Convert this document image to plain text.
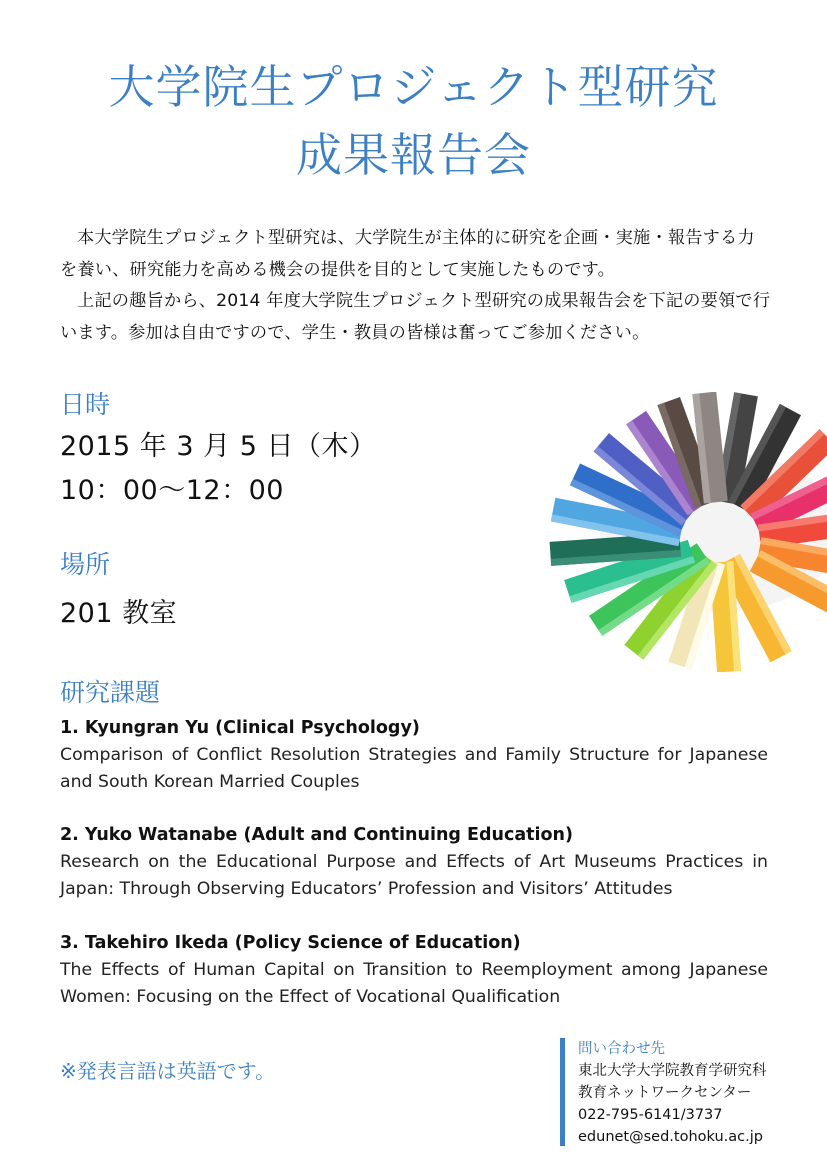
大学院生プロジェクト型研究
成果報告会

本大学院生プロジェクト型研究は、大学院生が主体的に研究を企画・実施・報告する力を養い、研究能力を高める機会の提供を目的として実施したものです。

上記の趣旨から、2014 年度大学院生プロジェクト型研究の成果報告会を下記の要領で行います。参加は自由ですので、学生・教員の皆様は奮ってご参加ください。

日時
2015 年 3 月 5 日（木）
10：00～12：00
場所
201 教室
研究課題
1. Kyungran Yu (Clinical Psychology)
Comparison of Conflict Resolution Strategies and Family Structure for Japanese and South Korean Married Couples
2. Yuko Watanabe (Adult and Continuing Education)
Research on the Educational Purpose and Effects of Art Museums Practices in Japan: Through Observing Educators’ Profession and Visitors’ Attitudes
3. Takehiro Ikeda (Policy Science of Education)
The Effects of Human Capital on Transition to Reemployment among Japanese Women: Focusing on the Effect of Vocational Qualification
※発表言語は英語です。
問い合わせ先
東北大学大学院教育学研究科
教育ネットワークセンター
022-795-6141/3737
edunet@sed.tohoku.ac.jp
